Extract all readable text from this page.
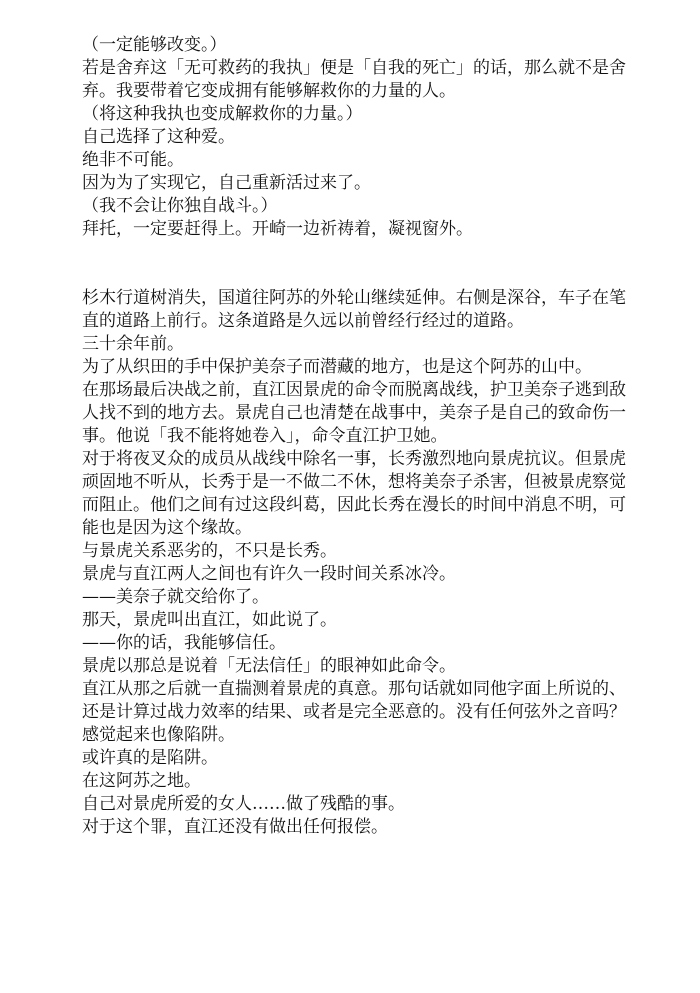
（一定能够改变。）

若是舍弃这「无可救药的我执」便是「自我的死亡」的话，那么就不是舍弃。我要带着它变成拥有能够解救你的力量的人。

（将这种我执也变成解救你的力量。）

自己选择了这种爱。

绝非不可能。

因为为了实现它，自己重新活过来了。

（我不会让你独自战斗。）

拜托，一定要赶得上。开崎一边祈祷着，凝视窗外。

杉木行道树消失，国道往阿苏的外轮山继续延伸。右侧是深谷，车子在笔直的道路上前行。这条道路是久远以前曾经行经过的道路。

三十余年前。

为了从织田的手中保护美奈子而潜藏的地方，也是这个阿苏的山中。

在那场最后决战之前，直江因景虎的命令而脱离战线，护卫美奈子逃到敌人找不到的地方去。景虎自己也清楚在战事中，美奈子是自己的致命伤一事。他说「我不能将她卷入」，命令直江护卫她。

对于将夜叉众的成员从战线中除名一事，长秀激烈地向景虎抗议。但景虎顽固地不听从，长秀于是一不做二不休，想将美奈子杀害，但被景虎察觉而阻止。他们之间有过这段纠葛，因此长秀在漫长的时间中消息不明，可能也是因为这个缘故。

与景虎关系恶劣的，不只是长秀。

景虎与直江两人之间也有许久一段时间关系冰冷。

——美奈子就交给你了。

那天，景虎叫出直江，如此说了。

——你的话，我能够信任。

景虎以那总是说着「无法信任」的眼神如此命令。

直江从那之后就一直揣测着景虎的真意。那句话就如同他字面上所说的、还是计算过战力效率的结果、或者是完全恶意的。没有任何弦外之音吗？感觉起来也像陷阱。

或许真的是陷阱。

在这阿苏之地。

自己对景虎所爱的女人……做了残酷的事。

对于这个罪，直江还没有做出任何报偿。
